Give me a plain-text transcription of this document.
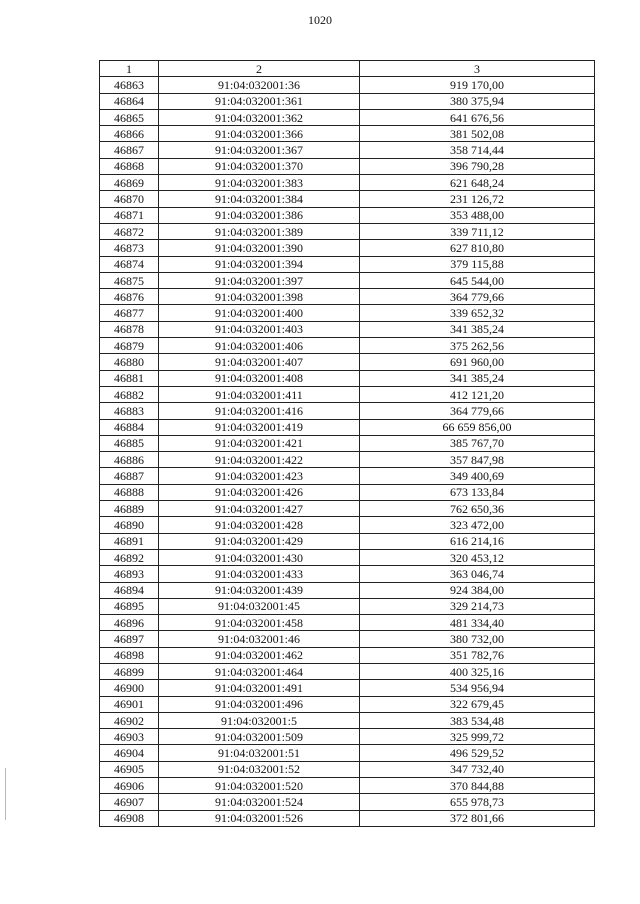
1020
1	2	3
46863	91:04:032001:36	919 170,00
46864	91:04:032001:361	380 375,94
46865	91:04:032001:362	641 676,56
46866	91:04:032001:366	381 502,08
46867	91:04:032001:367	358 714,44
46868	91:04:032001:370	396 790,28
46869	91:04:032001:383	621 648,24
46870	91:04:032001:384	231 126,72
46871	91:04:032001:386	353 488,00
46872	91:04:032001:389	339 711,12
46873	91:04:032001:390	627 810,80
46874	91:04:032001:394	379 115,88
46875	91:04:032001:397	645 544,00
46876	91:04:032001:398	364 779,66
46877	91:04:032001:400	339 652,32
46878	91:04:032001:403	341 385,24
46879	91:04:032001:406	375 262,56
46880	91:04:032001:407	691 960,00
46881	91:04:032001:408	341 385,24
46882	91:04:032001:411	412 121,20
46883	91:04:032001:416	364 779,66
46884	91:04:032001:419	66 659 856,00
46885	91:04:032001:421	385 767,70
46886	91:04:032001:422	357 847,98
46887	91:04:032001:423	349 400,69
46888	91:04:032001:426	673 133,84
46889	91:04:032001:427	762 650,36
46890	91:04:032001:428	323 472,00
46891	91:04:032001:429	616 214,16
46892	91:04:032001:430	320 453,12
46893	91:04:032001:433	363 046,74
46894	91:04:032001:439	924 384,00
46895	91:04:032001:45	329 214,73
46896	91:04:032001:458	481 334,40
46897	91:04:032001:46	380 732,00
46898	91:04:032001:462	351 782,76
46899	91:04:032001:464	400 325,16
46900	91:04:032001:491	534 956,94
46901	91:04:032001:496	322 679,45
46902	91:04:032001:5	383 534,48
46903	91:04:032001:509	325 999,72
46904	91:04:032001:51	496 529,52
46905	91:04:032001:52	347 732,40
46906	91:04:032001:520	370 844,88
46907	91:04:032001:524	655 978,73
46908	91:04:032001:526	372 801,66
